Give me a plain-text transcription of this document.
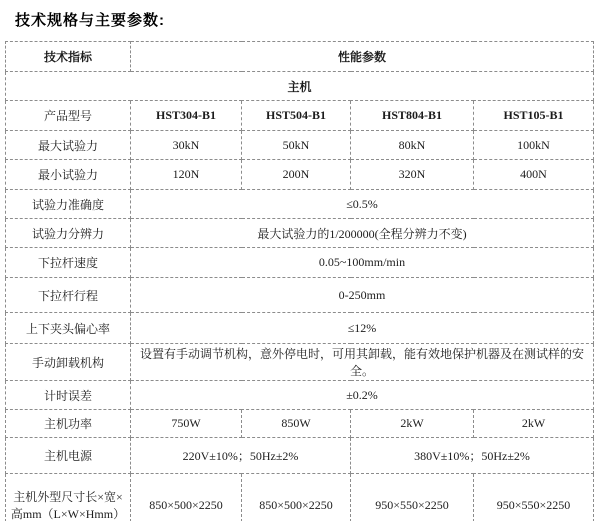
技术规格与主要参数:
技术指标	性能参数			
主机				
产品型号	HST304-B1	HST504-B1	HST804-B1	HST105-B1
最大试验力	30kN	50kN	80kN	100kN
最小试验力	120N	200N	320N	400N
试验力准确度	≤0.5%			
试验力分辨力	最大试验力的1/200000(全程分辨力不变)			
下拉杆速度	0.05~100mm/min			
下拉杆行程	0-250mm			
上下夹头偏心率	≤12%			
手动卸载机构	设置有手动调节机构，意外停电时，可用其卸载，能有效地保护机器及在测试样的安全。			
计时误差	±0.2%			
主机功率	750W	850W	2kW	2kW
主机电源	220V±10%；50Hz±2%		380V±10%；50Hz±2%	
主机外型尺寸长×宽×高mm（L×W×Hmm）	850×500×2250	850×500×2250	950×550×2250	950×550×2250
